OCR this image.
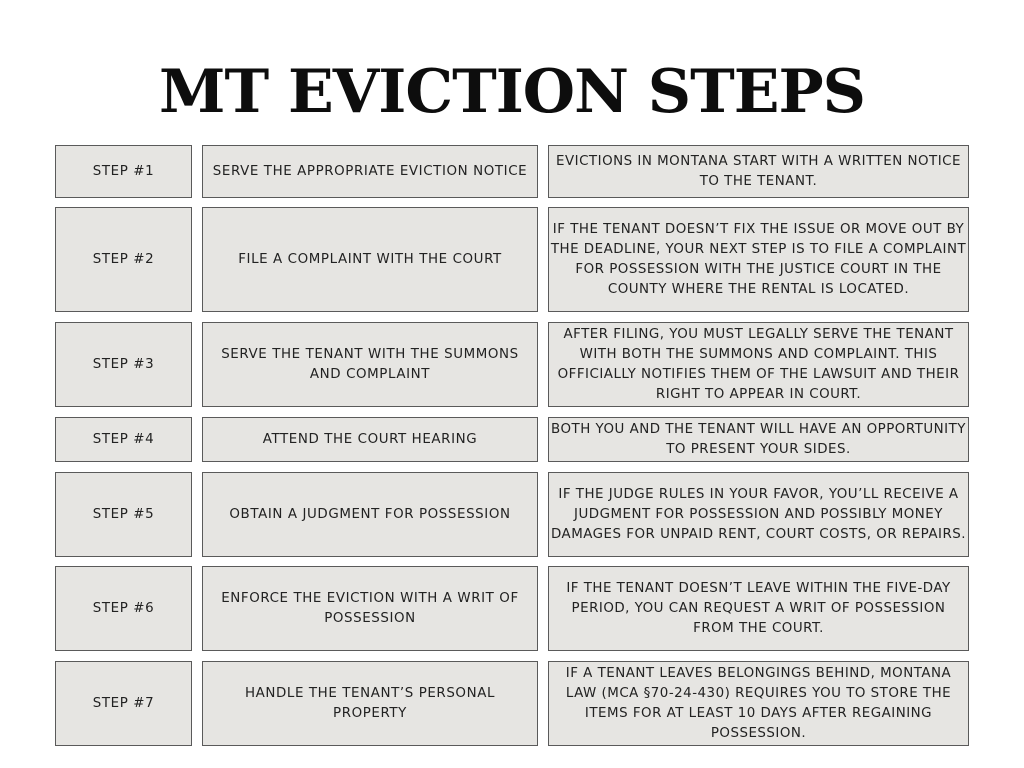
MT EVICTION STEPS
STEP #1	SERVE THE APPROPRIATE EVICTION NOTICE
EVICTIONS IN MONTANA START WITH A WRITTEN NOTICE TO THE TENANT.
STEP #2	FILE A COMPLAINT WITH THE COURT
IF THE TENANT DOESN’T FIX THE ISSUE OR MOVE OUT BY THE DEADLINE, YOUR NEXT STEP IS TO FILE A COMPLAINT FOR POSSESSION WITH THE JUSTICE COURT IN THE COUNTY WHERE THE RENTAL IS LOCATED.
STEP #3
SERVE THE TENANT WITH THE SUMMONS AND COMPLAINT
AFTER FILING, YOU MUST LEGALLY SERVE THE TENANT WITH BOTH THE SUMMONS AND COMPLAINT. THIS OFFICIALLY NOTIFIES THEM OF THE LAWSUIT AND THEIR RIGHT TO APPEAR IN COURT.
STEP #4	ATTEND THE COURT HEARING
BOTH YOU AND THE TENANT WILL HAVE AN OPPORTUNITY TO PRESENT YOUR SIDES.
STEP #5	OBTAIN A JUDGMENT FOR POSSESSION
IF THE JUDGE RULES IN YOUR FAVOR, YOU’LL RECEIVE A JUDGMENT FOR POSSESSION AND POSSIBLY MONEY DAMAGES FOR UNPAID RENT, COURT COSTS, OR REPAIRS.
STEP #6
ENFORCE THE EVICTION WITH A WRIT OF POSSESSION
IF THE TENANT DOESN’T LEAVE WITHIN THE FIVE-DAY PERIOD, YOU CAN REQUEST A WRIT OF POSSESSION FROM THE COURT.
STEP #7
HANDLE THE TENANT’S PERSONAL PROPERTY
IF A TENANT LEAVES BELONGINGS BEHIND, MONTANA LAW (MCA §70-24-430) REQUIRES YOU TO STORE THE ITEMS FOR AT LEAST 10 DAYS AFTER REGAINING POSSESSION.
